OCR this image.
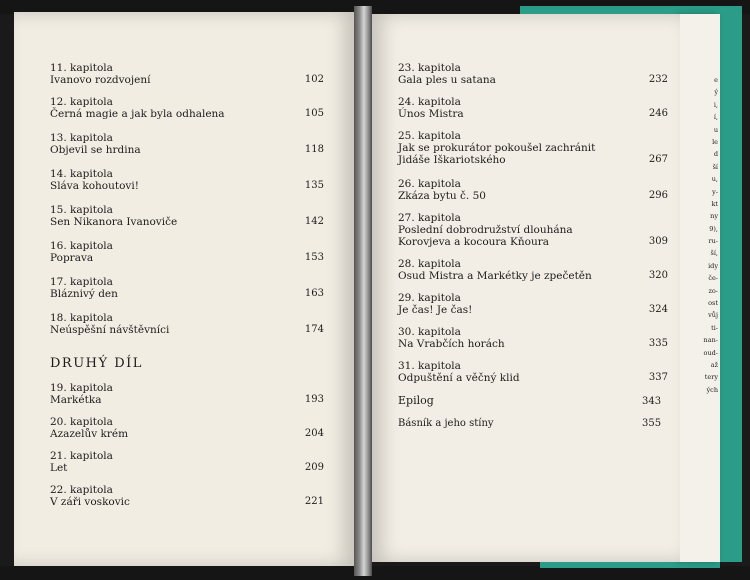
e
ý
i,
í,
u
le
d
ší
u,
y-
kt
ny
9),
ru-
ší,
idy
če-
zo-
ost
vůj
ti-
nan-
oud-
až
tery
ých
11. kapitola
Ivanovo rozdvojení	102
12. kapitola
Černá magie a jak byla odhalena	105
13. kapitola
Objevil se hrdina	118
14. kapitola
Sláva kohoutovi!	135
15. kapitola
Sen Nikanora Ivanoviče	142
16. kapitola
Poprava	153
17. kapitola
Bláznivý den	163
18. kapitola
Neúspěšní návštěvníci	174
DRUHÝ DÍL
19. kapitola
Markétka	193
20. kapitola
Azazelův krém	204
21. kapitola
Let	209
22. kapitola
V záři voskovic	221
23. kapitola
Gala ples u satana	232
24. kapitola
Únos Mistra	246
25. kapitola
Jak se prokurátor pokoušel zachránit
Jidáše Iškariotského	267
26. kapitola
Zkáza bytu č. 50	296
27. kapitola
Poslední dobrodružství dlouhána
Korovjeva a kocoura Kňoura	309
28. kapitola
Osud Mistra a Markétky je zpečetěn	320
29. kapitola
Je čas! Je čas!	324
30. kapitola
Na Vrabčích horách	335
31. kapitola
Odpuštění a věčný klid	337
Epilog	343
Básník a jeho stíny	355
